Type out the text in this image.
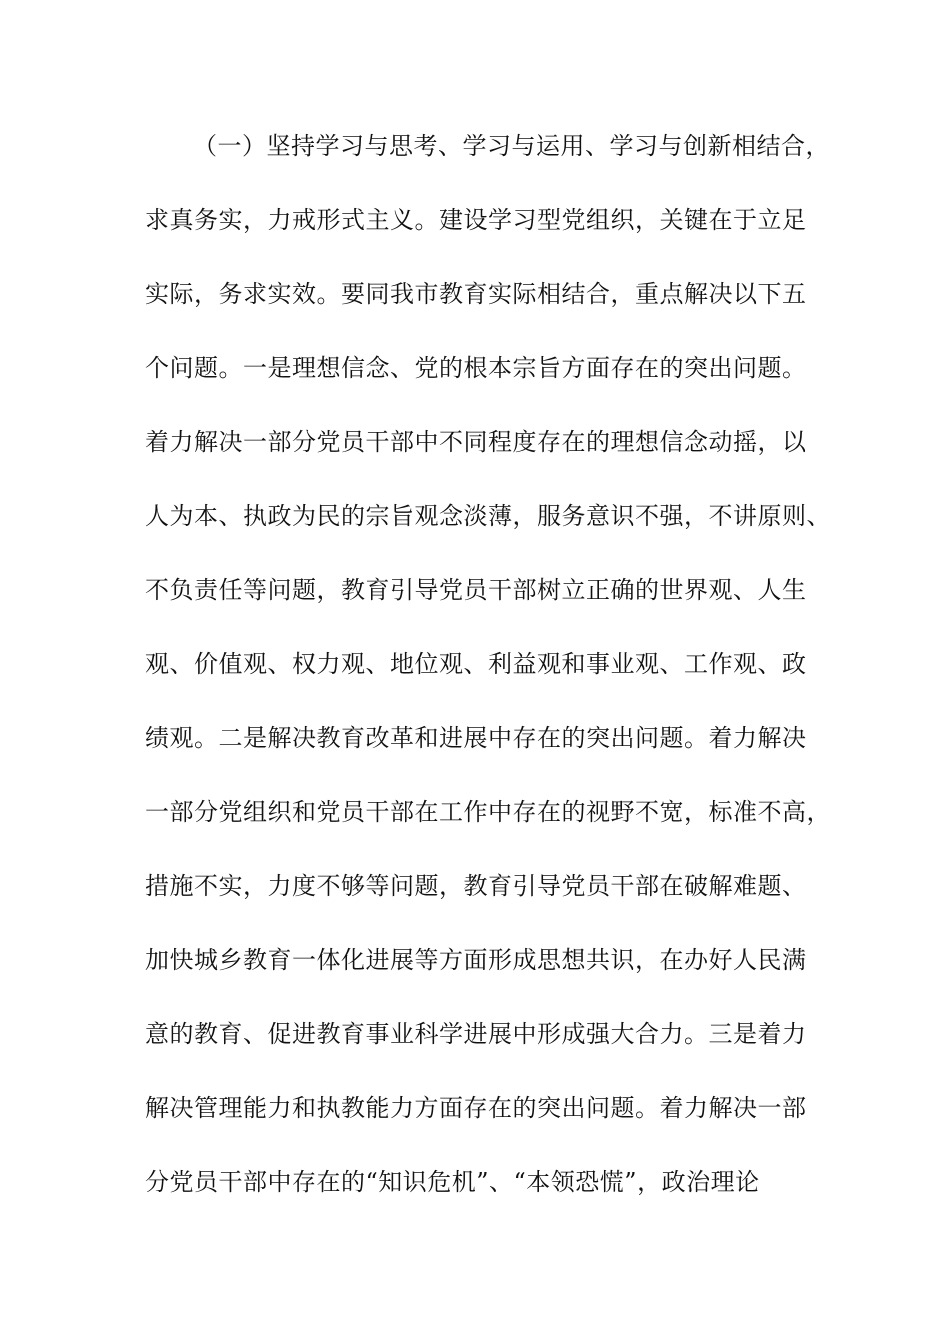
（一）坚持学习与思考、学习与运用、学习与创新相结合，
求真务实，力戒形式主义。建设学习型党组织，关键在于立足
实际，务求实效。要同我市教育实际相结合，重点解决以下五
个问题。一是理想信念、党的根本宗旨方面存在的突出问题。
着力解决一部分党员干部中不同程度存在的理想信念动摇，以
人为本、执政为民的宗旨观念淡薄，服务意识不强，不讲原则、
不负责任等问题，教育引导党员干部树立正确的世界观、人生
观、价值观、权力观、地位观、利益观和事业观、工作观、政
绩观。二是解决教育改革和进展中存在的突出问题。着力解决
一部分党组织和党员干部在工作中存在的视野不宽，标准不高，
措施不实，力度不够等问题，教育引导党员干部在破解难题、
加快城乡教育一体化进展等方面形成思想共识，在办好人民满
意的教育、促进教育事业科学进展中形成强大合力。三是着力
解决管理能力和执教能力方面存在的突出问题。着力解决一部
分党员干部中存在的“知识危机”、“本领恐慌”，政治理论
